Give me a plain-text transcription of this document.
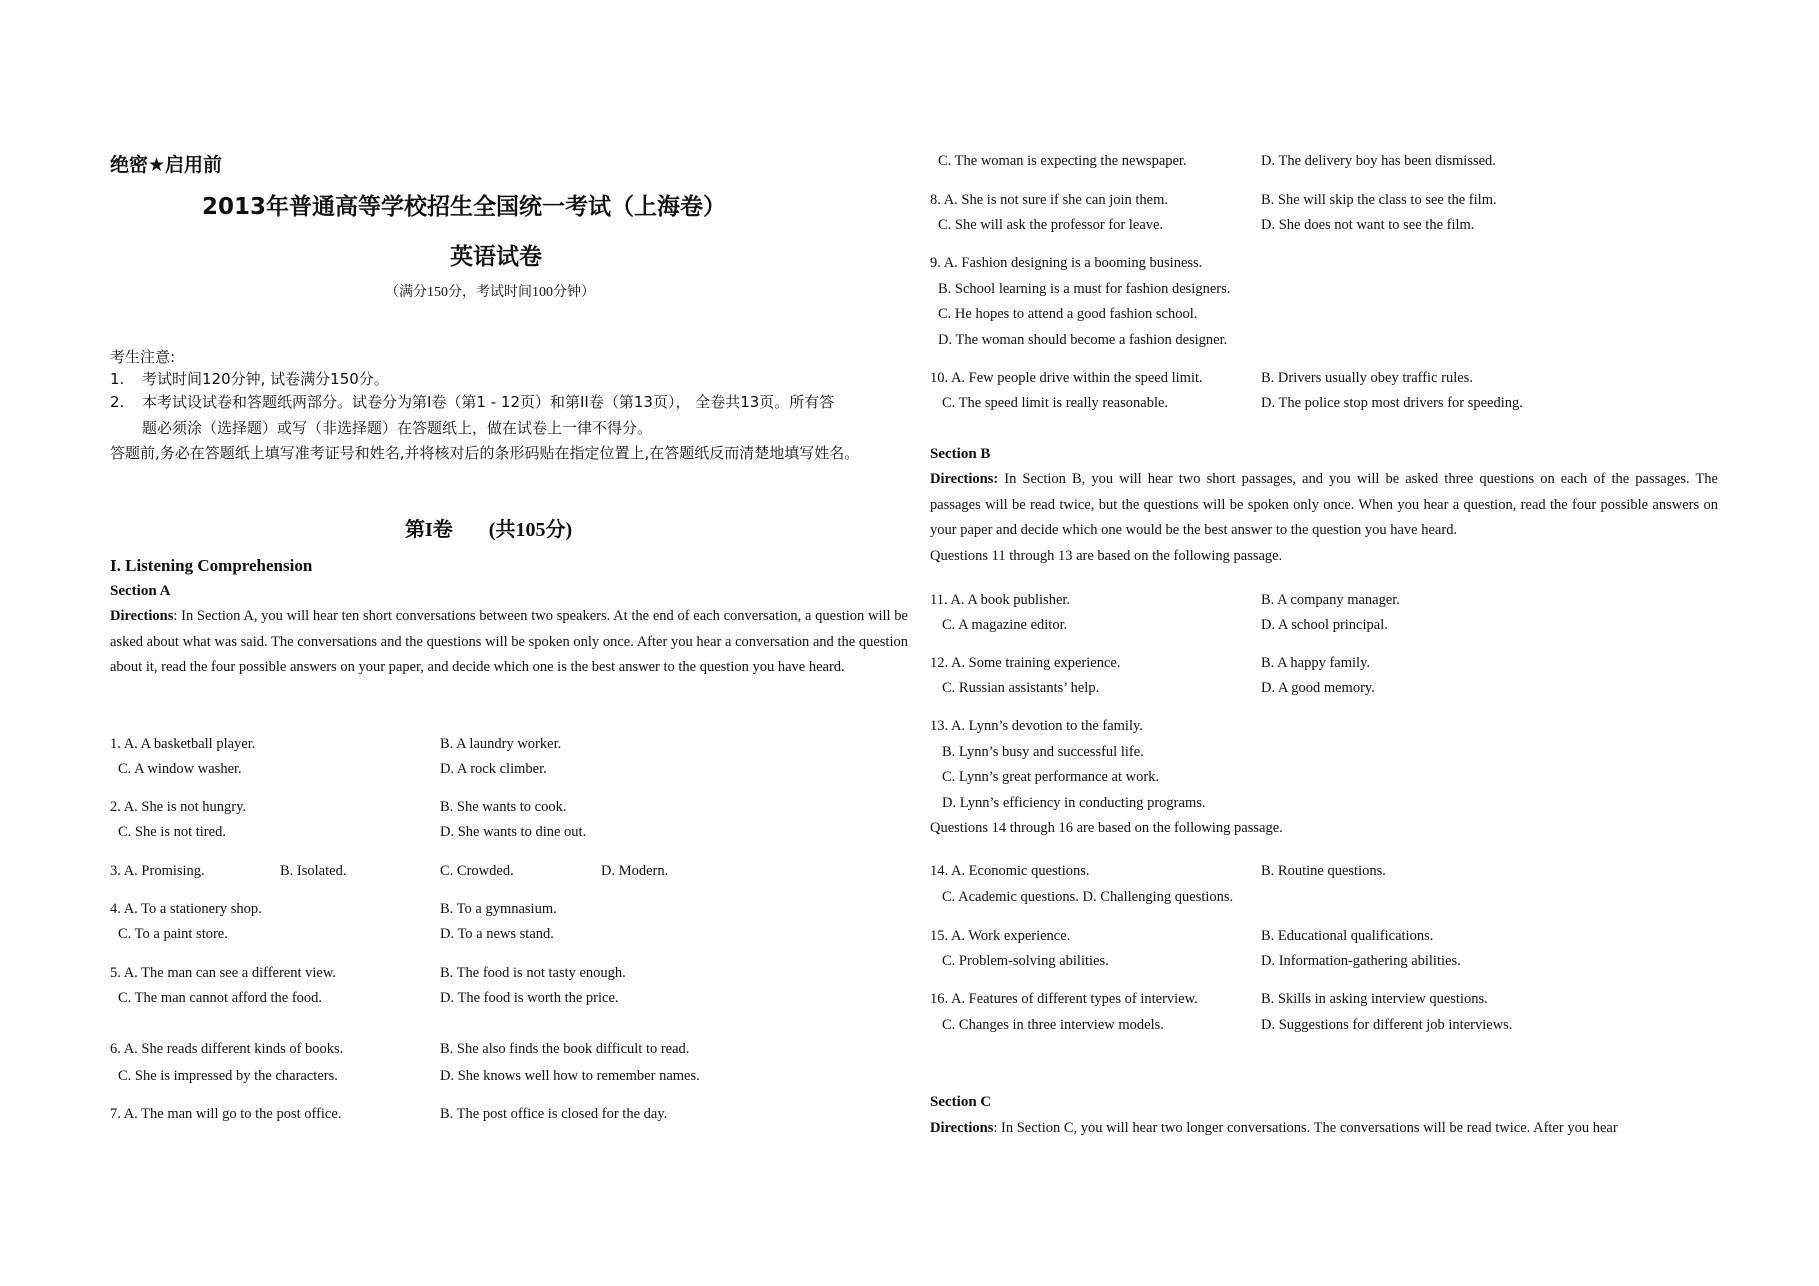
绝密★启用前
2013年普通高等学校招生全国统一考试（上海卷）
英语试卷
（满分150分，考试时间100分钟）
考生注意:
1. 考试时间120分钟, 试卷满分150分。
2. 本考试设试卷和答题纸两部分。试卷分为第I卷（第1 - 12页）和第II卷（第13页）， 全卷共13页。所有答
题必须涂（选择题）或写（非选择题）在答题纸上，做在试卷上一律不得分。
答题前,务必在答题纸上填写准考证号和姓名,并将核对后的条形码贴在指定位置上,在答题纸反而清楚地填写姓名。
第I卷 (共105分)
I. Listening Comprehension
Section A
Directions: In Section A, you will hear ten short conversations between two speakers. At the end of each conversation, a question will be asked about what was said. The conversations and the questions will be spoken only once. After you hear a conversation and the question about it, read the four possible answers on your paper, and decide which one is the best answer to the question you have heard.
1. A. A basketball player.	B. A laundry worker.
C. A window washer.	D. A rock climber.
2. A. She is not hungry.	B. She wants to cook.
C. She is not tired.	D. She wants to dine out.
3. A. Promising.	B. Isolated.	C. Crowded.	D. Modern.
4. A. To a stationery shop.	B. To a gymnasium.
C. To a paint store.	D. To a news stand.
5. A. The man can see a different view.	B. The food is not tasty enough.
C. The man cannot afford the food.	D. The food is worth the price.
6. A. She reads different kinds of books.	B. She also finds the book difficult to read.
C. She is impressed by the characters.	D. She knows well how to remember names.
7. A. The man will go to the post office.	B. The post office is closed for the day.
C. The woman is expecting the newspaper.	D. The delivery boy has been dismissed.
8. A. She is not sure if she can join them.	B. She will skip the class to see the film.
C. She will ask the professor for leave.	D. She does not want to see the film.
9. A. Fashion designing is a booming business.
B. School learning is a must for fashion designers.
C. He hopes to attend a good fashion school.
D. The woman should become a fashion designer.
10. A. Few people drive within the speed limit.	B. Drivers usually obey traffic rules.
C. The speed limit is really reasonable.	D. The police stop most drivers for speeding.
Section B
Directions: In Section B, you will hear two short passages, and you will be asked three questions on each of the passages. The passages will be read twice, but the questions will be spoken only once. When you hear a question, read the four possible answers on your paper and decide which one would be the best answer to the question you have heard.
Questions 11 through 13 are based on the following passage.
11. A. A book publisher.	B. A company manager.
C. A magazine editor.	D. A school principal.
12. A. Some training experience.	B. A happy family.
C. Russian assistants’ help.	D. A good memory.
13. A. Lynn’s devotion to the family.
B. Lynn’s busy and successful life.
C. Lynn’s great performance at work.
D. Lynn’s efficiency in conducting programs.
Questions 14 through 16 are based on the following passage.
14. A. Economic questions.	B. Routine questions.
C. Academic questions. D. Challenging questions.
15. A. Work experience.	B. Educational qualifications.
C. Problem-solving abilities.	D. Information-gathering abilities.
16. A. Features of different types of interview.	B. Skills in asking interview questions.
C. Changes in three interview models.	D. Suggestions for different job interviews.
Section C
Directions: In Section C, you will hear two longer conversations. The conversations will be read twice. After you hear
